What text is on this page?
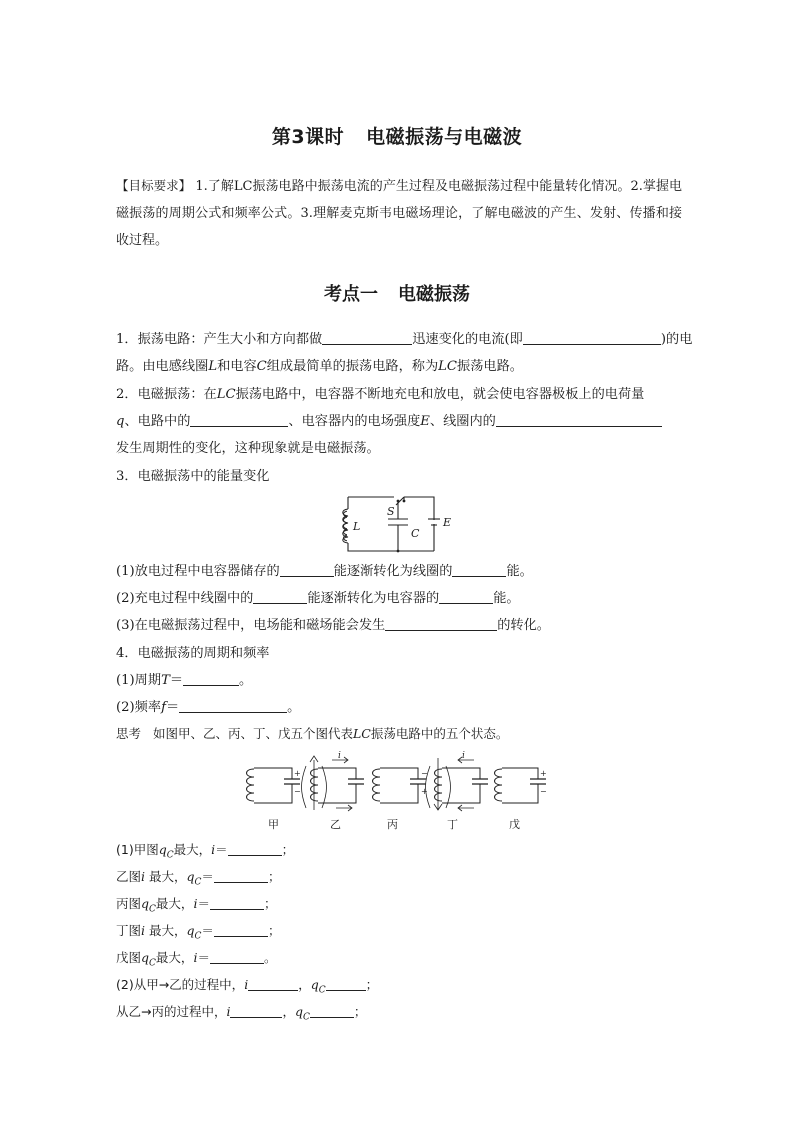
第3课时 电磁振荡与电磁波
【目标要求】 1.了解LC振荡电路中振荡电流的产生过程及电磁振荡过程中能量转化情况。2.掌握电磁振荡的周期公式和频率公式。3.理解麦克斯韦电磁场理论，了解电磁波的产生、发射、传播和接收过程。
考点一 电磁振荡
1．振荡电路：产生大小和方向都做	迅速变化的电流(即	)的电
路。由电感线圈L和电容C组成最简单的振荡电路，称为LC振荡电路。
2．电磁振荡：在LC振荡电路中，电容器不断地充电和放电，就会使电容器极板上的电荷量
q、电路中的	、电容器内的电场强度E、线圈内的
发生周期性的变化，这种现象就是电磁振荡。
3．电磁振荡中的能量变化
L
S
C
E
(1)放电过程中电容器储存的	能逐渐转化为线圈的	能。
(2)充电过程中线圈中的	能逐渐转化为电容器的	能。
(3)在电磁振荡过程中，电场能和磁场能会发生	的转化。
4．电磁振荡的周期和频率
(1)周期T＝	。
(2)频率f＝	。
思考 如图甲、乙、丙、丁、戊五个图代表LC振荡电路中的五个状态。
+
−
i
−
+
i
+
−
甲	乙	丙	丁	戊
(1)甲图$q_C$最大，i＝	；
乙图i 最大，$q_C=$	；
丙图$q_C$最大，i＝	；
丁图i 最大，$q_C=$	；
戊图$q_C$最大，i＝	。
(2)从甲→乙的过程中，i	，$q_C$	；
从乙→丙的过程中，i	，$q_C$	；
